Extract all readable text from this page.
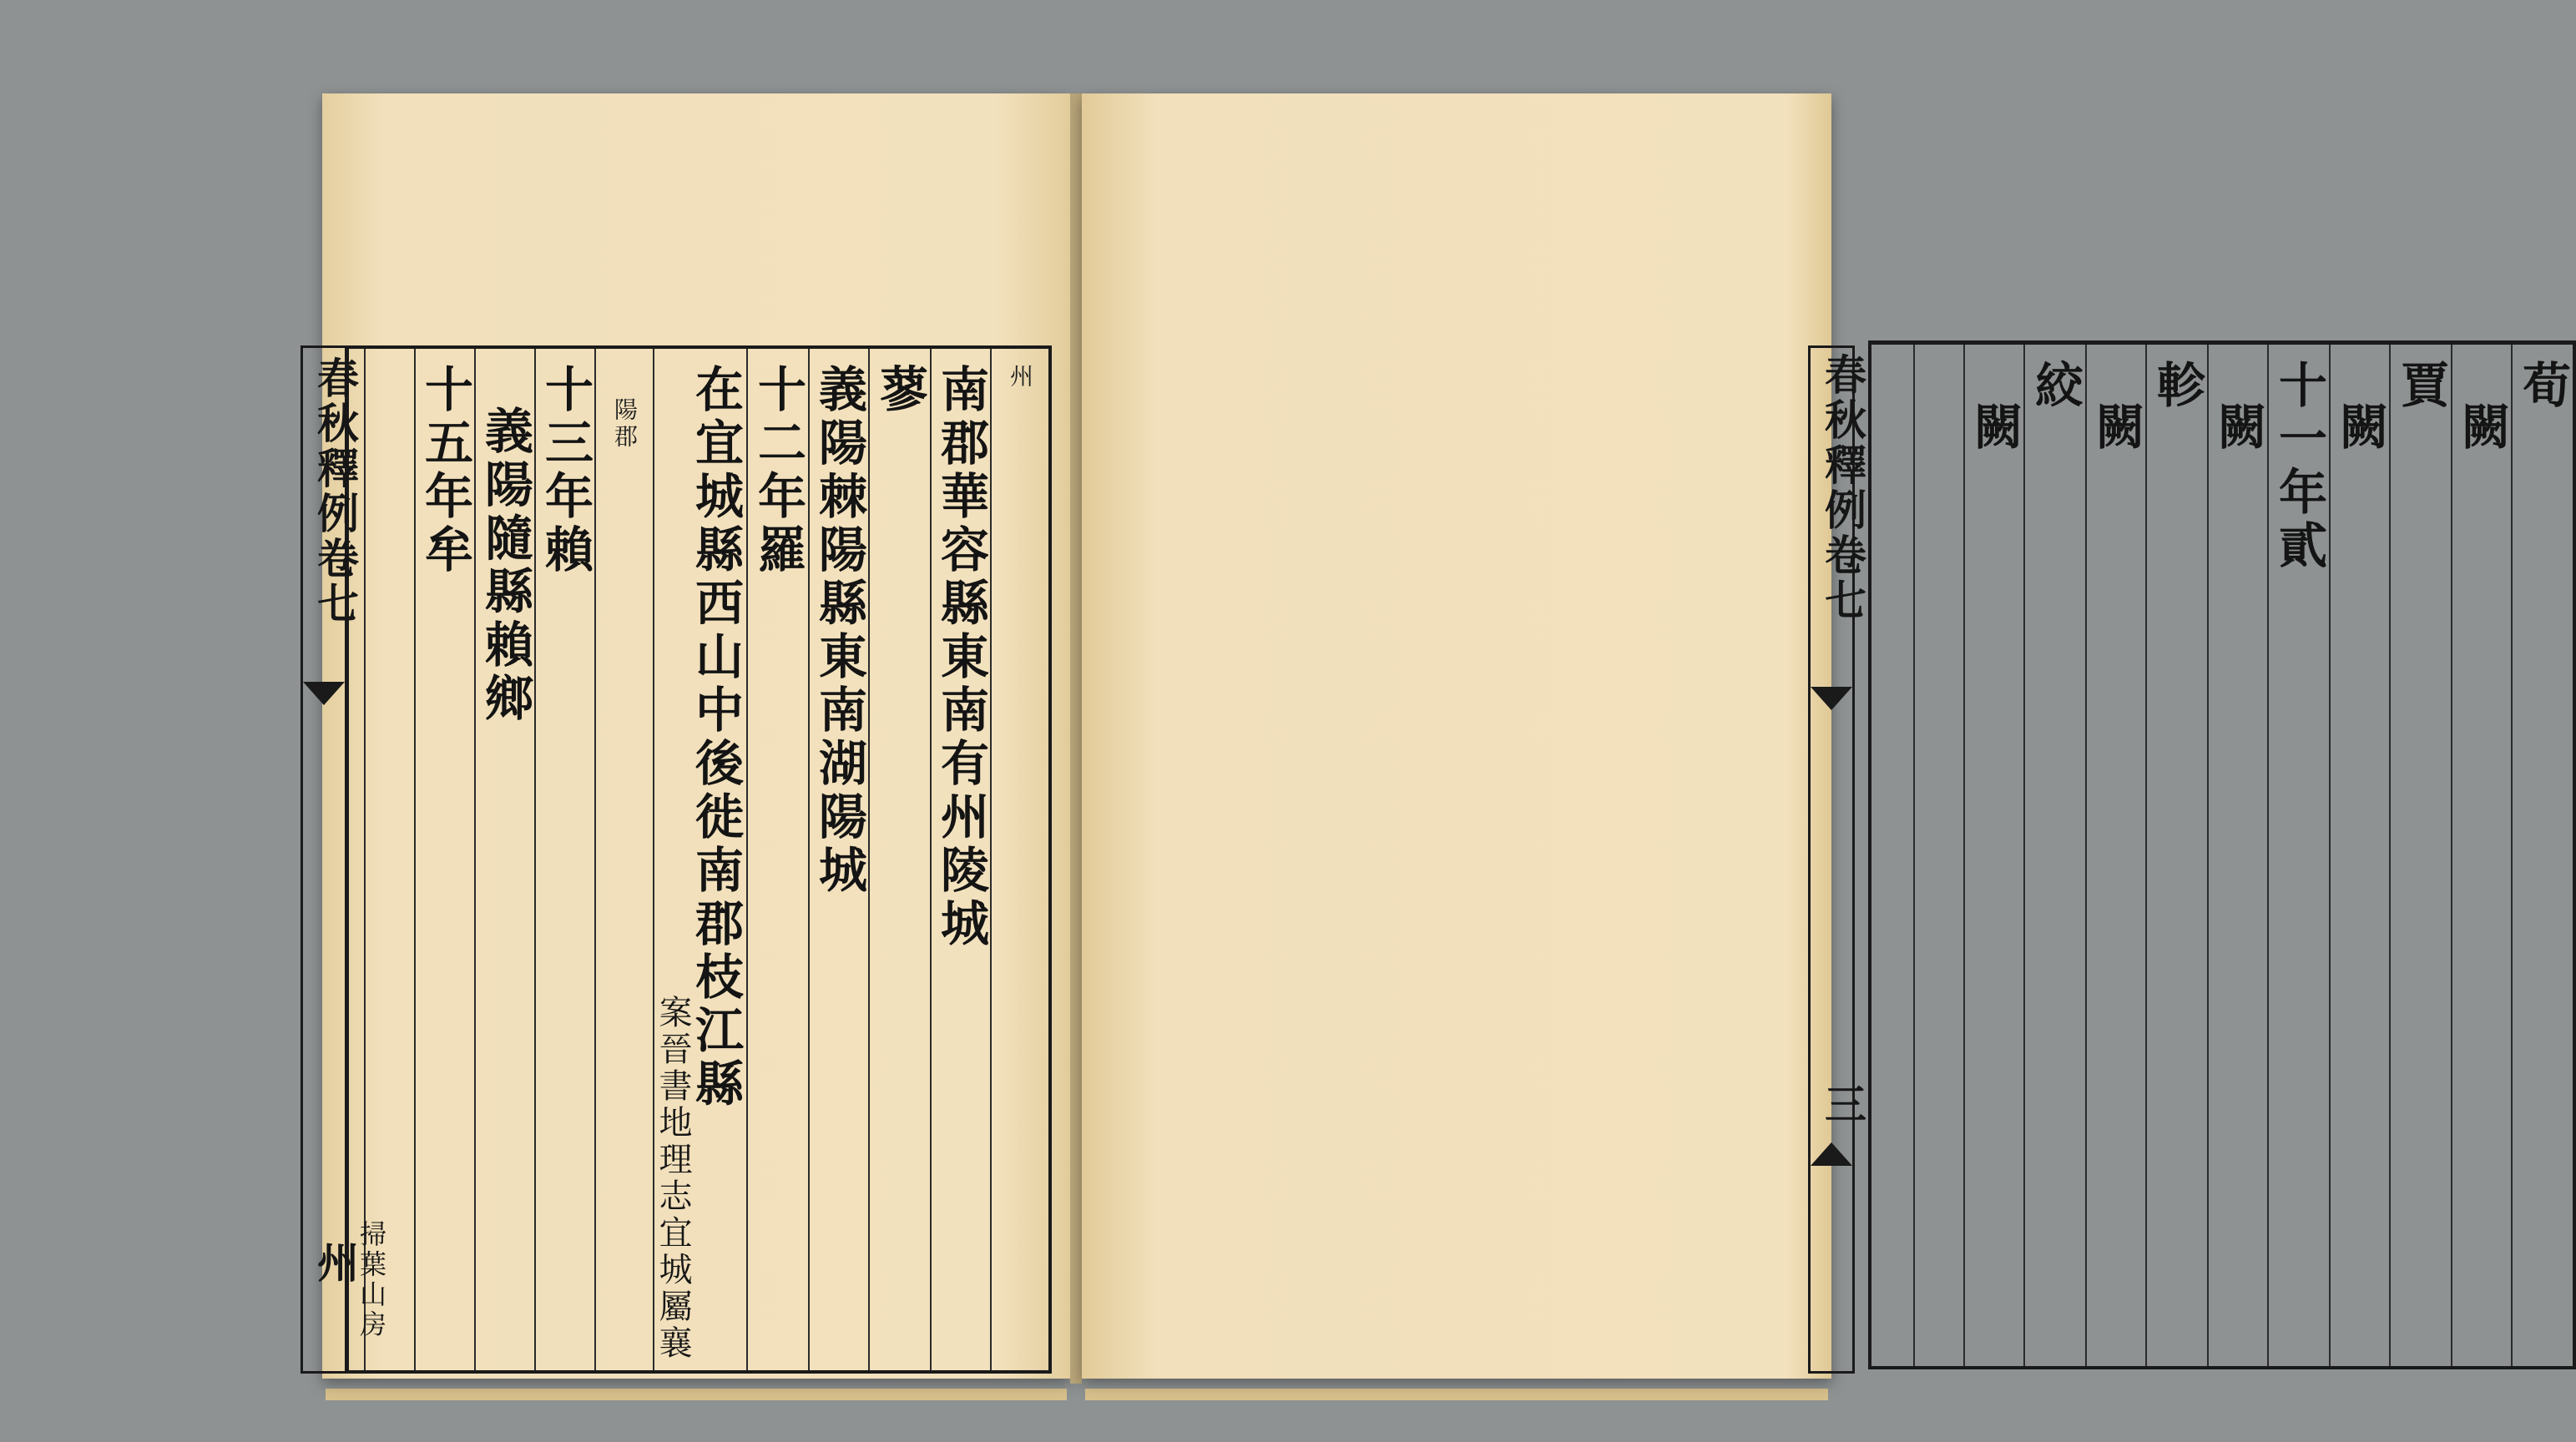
州
南郡華容縣東南有州陵城
蓼
義陽棘陽縣東南湖陽城
十二年羅
在宜城縣西山中後徙南郡枝江縣
案晉書地理志宜城屬襄
陽郡
十三年賴
義陽隨縣賴鄉
十五年牟
春秋釋例卷七
州
掃葉山房
荀
闕
賈
闕
十一年貳
闕
軫
闕
絞
闕
春秋釋例卷七
三
